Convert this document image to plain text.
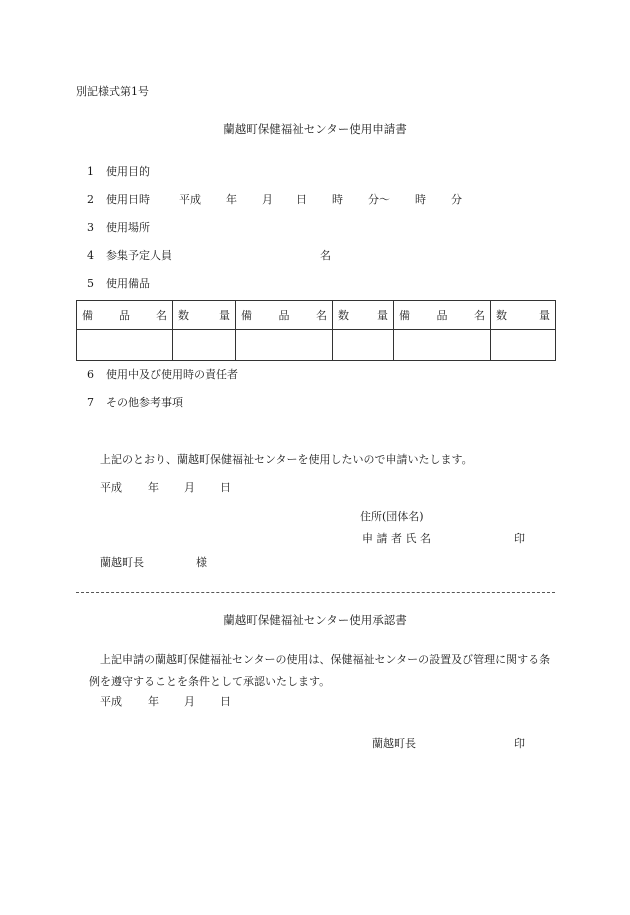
別記様式第1号
蘭越町保健福祉センター使用申請書
1 使用目的
2 使用日時	平成 年 月 日 時 分〜 時 分
3 使用場所
4 参集予定人員	名
5 使用備品
備 品 名	数 量	備 品 名	数 量	備 品 名	数 量

6 使用中及び使用時の責任者
7 その他参考事項
上記のとおり、蘭越町保健福祉センターを使用したいので申請いたします。
平成 年 月 日
住所(団体名)
申 請 者 氏 名	印
蘭越町長	様
蘭越町保健福祉センター使用承認書
上記申請の蘭越町保健福祉センターの使用は、保健福祉センターの設置及び管理に関する条例を遵守することを条件として承認いたします。
平成 年 月 日
蘭越町長	印
